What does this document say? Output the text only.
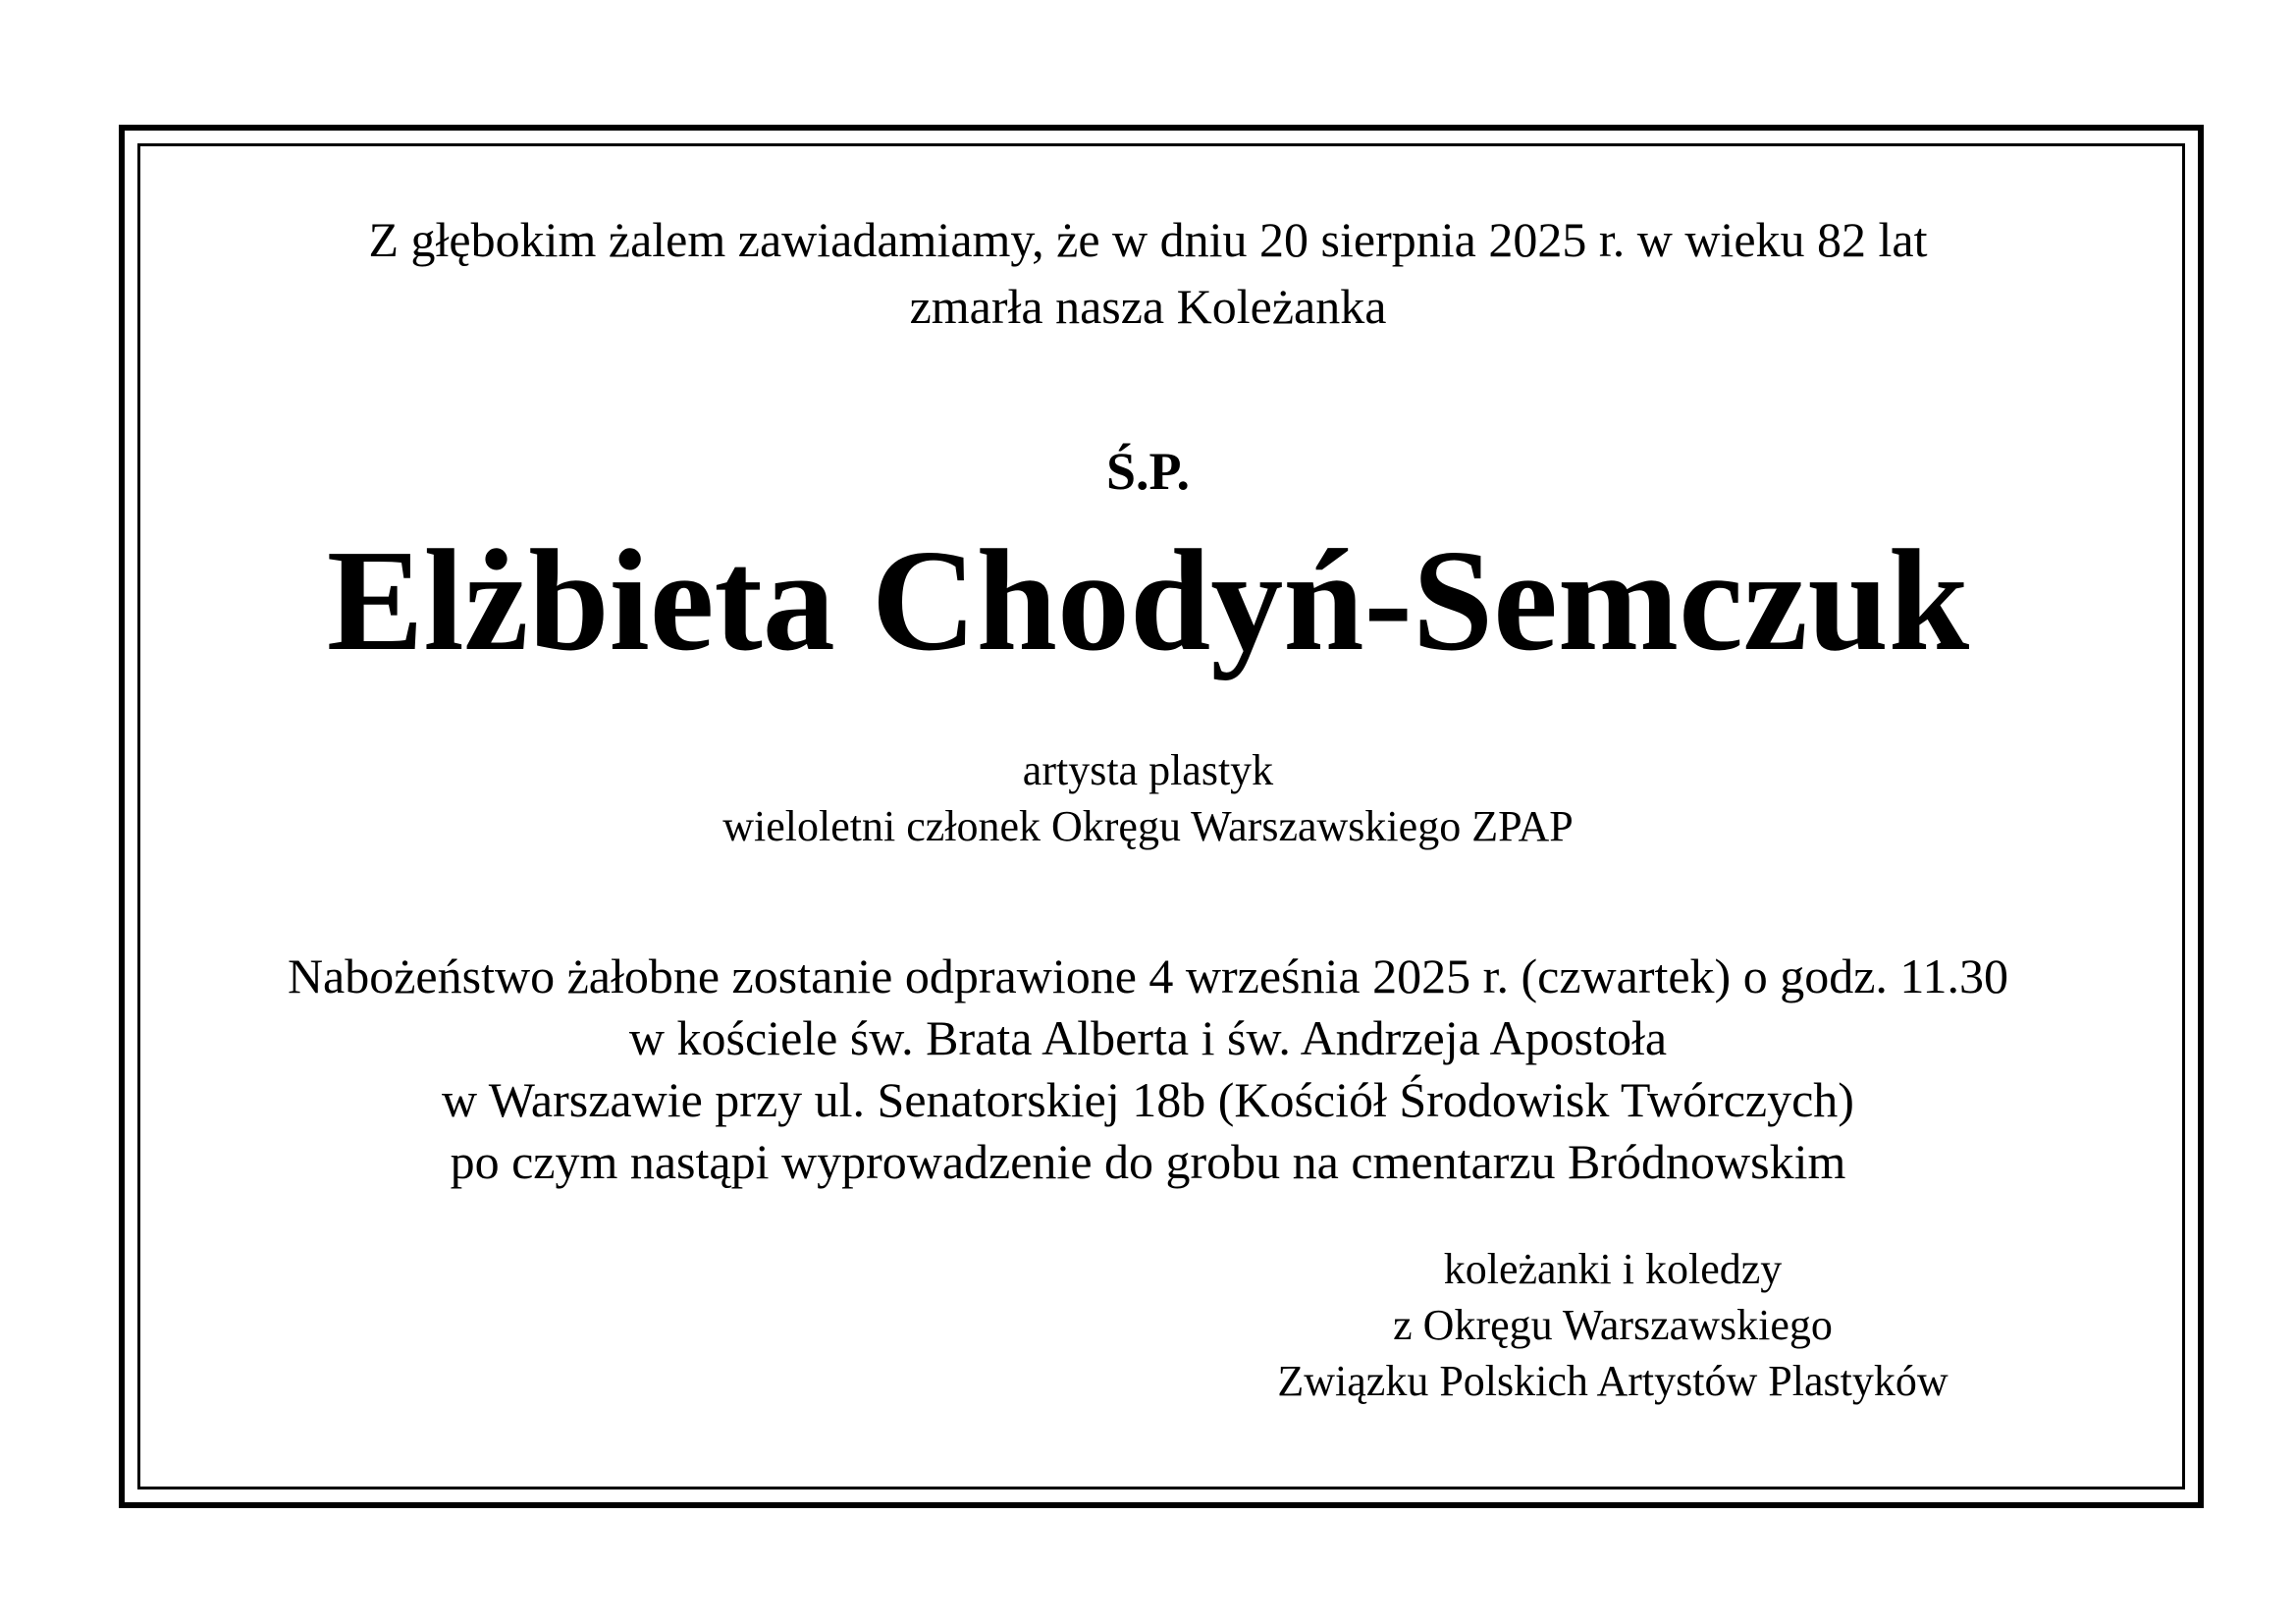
Z głębokim żalem zawiadamiamy, że w dniu 20 sierpnia 2025 r. w wieku 82 lat

zmarła nasza Koleżanka

Ś.P.

Elżbieta Chodyń-Semczuk

artysta plastyk

wieloletni członek Okręgu Warszawskiego ZPAP

Nabożeństwo żałobne zostanie odprawione 4 września 2025 r. (czwartek) o godz. 11.30

w kościele św. Brata Alberta i św. Andrzeja Apostoła

w Warszawie przy ul. Senatorskiej 18b (Kościół Środowisk Twórczych)

po czym nastąpi wyprowadzenie do grobu na cmentarzu Bródnowskim

koleżanki i koledzy

z Okręgu Warszawskiego

Związku Polskich Artystów Plastyków
